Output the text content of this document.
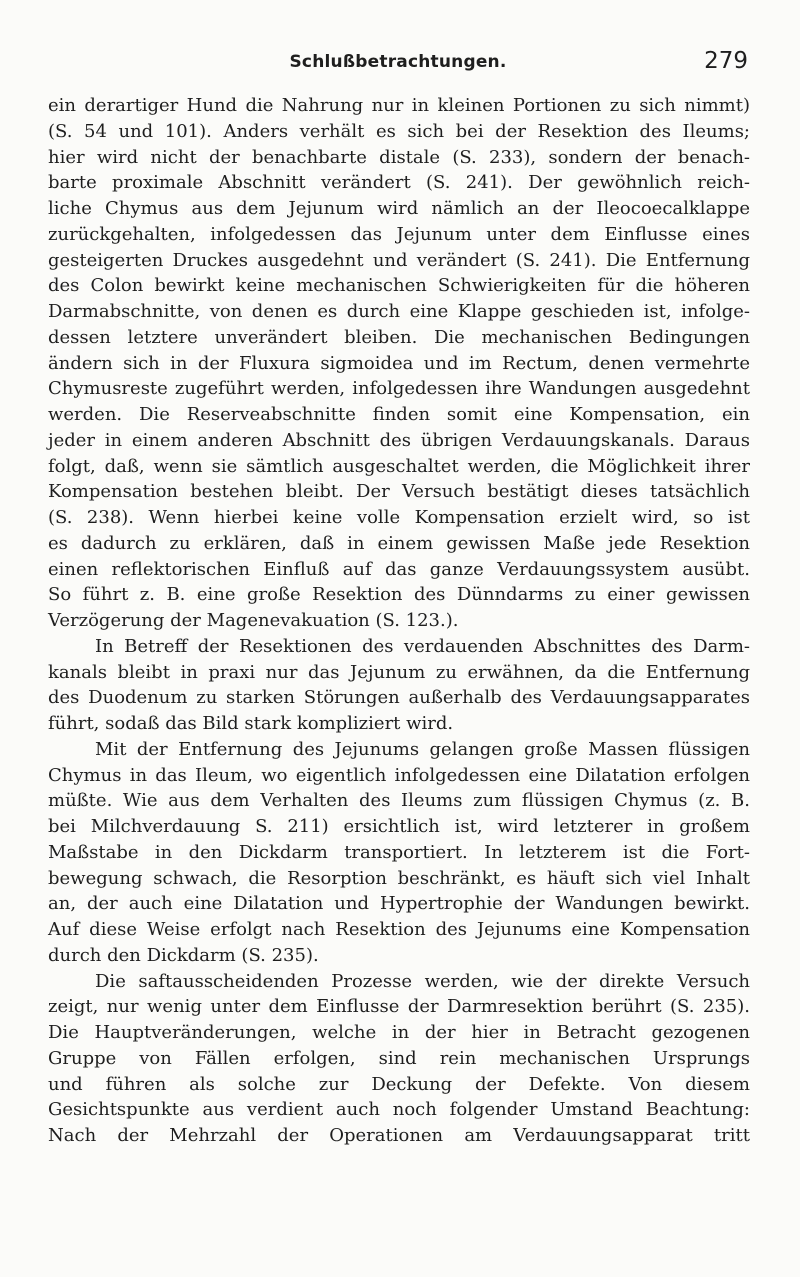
Schlußbetrachtungen.	279
ein derartiger Hund die Nahrung nur in kleinen Portionen zu sich nimmt)
(S. 54 und 101). Anders verhält es sich bei der Resektion des Ileums;
hier wird nicht der benachbarte distale (S. 233), sondern der benach-
barte proximale Abschnitt verändert (S. 241). Der gewöhnlich reich-
liche Chymus aus dem Jejunum wird nämlich an der Ileocoecalklappe
zurückgehalten, infolgedessen das Jejunum unter dem Einflusse eines
gesteigerten Druckes ausgedehnt und verändert (S. 241). Die Entfernung
des Colon bewirkt keine mechanischen Schwierigkeiten für die höheren
Darmabschnitte, von denen es durch eine Klappe geschieden ist, infolge-
dessen letztere unverändert bleiben. Die mechanischen Bedingungen
ändern sich in der Fluxura sigmoidea und im Rectum, denen vermehrte
Chymusreste zugeführt werden, infolgedessen ihre Wandungen ausgedehnt
werden. Die Reserveabschnitte finden somit eine Kompensation, ein
jeder in einem anderen Abschnitt des übrigen Verdauungskanals. Daraus
folgt, daß, wenn sie sämtlich ausgeschaltet werden, die Möglichkeit ihrer
Kompensation bestehen bleibt. Der Versuch bestätigt dieses tatsächlich
(S. 238). Wenn hierbei keine volle Kompensation erzielt wird, so ist
es dadurch zu erklären, daß in einem gewissen Maße jede Resektion
einen reflektorischen Einfluß auf das ganze Verdauungssystem ausübt.
So führt z. B. eine große Resektion des Dünndarms zu einer gewissen
Verzögerung der Magenevakuation (S. 123.).
In Betreff der Resektionen des verdauenden Abschnittes des Darm-
kanals bleibt in praxi nur das Jejunum zu erwähnen, da die Entfernung
des Duodenum zu starken Störungen außerhalb des Verdauungsapparates
führt, sodaß das Bild stark kompliziert wird.
Mit der Entfernung des Jejunums gelangen große Massen flüssigen
Chymus in das Ileum, wo eigentlich infolgedessen eine Dilatation erfolgen
müßte. Wie aus dem Verhalten des Ileums zum flüssigen Chymus (z. B.
bei Milchverdauung S. 211) ersichtlich ist, wird letzterer in großem
Maßstabe in den Dickdarm transportiert. In letzterem ist die Fort-
bewegung schwach, die Resorption beschränkt, es häuft sich viel Inhalt
an, der auch eine Dilatation und Hypertrophie der Wandungen bewirkt.
Auf diese Weise erfolgt nach Resektion des Jejunums eine Kompensation
durch den Dickdarm (S. 235).
Die saftausscheidenden Prozesse werden, wie der direkte Versuch
zeigt, nur wenig unter dem Einflusse der Darmresektion berührt (S. 235).
Die Hauptveränderungen, welche in der hier in Betracht gezogenen
Gruppe von Fällen erfolgen, sind rein mechanischen Ursprungs
und führen als solche zur Deckung der Defekte. Von diesem
Gesichtspunkte aus verdient auch noch folgender Umstand Beachtung:
Nach der Mehrzahl der Operationen am Verdauungsapparat tritt
